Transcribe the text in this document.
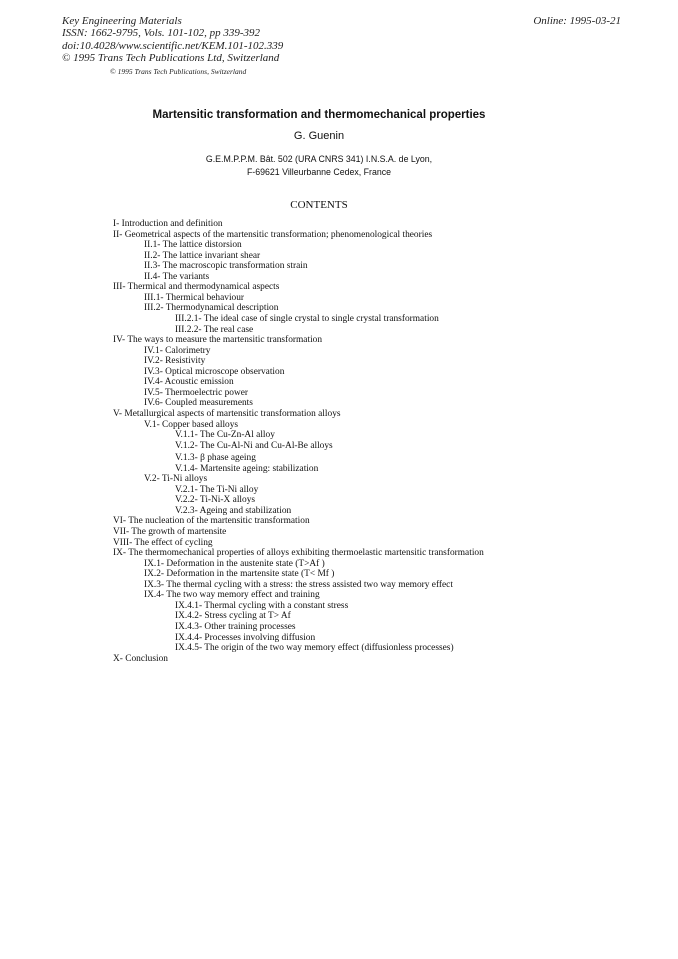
Key Engineering Materials
ISSN: 1662-9795, Vols. 101-102, pp 339-392
doi:10.4028/www.scientific.net/KEM.101-102.339
© 1995 Trans Tech Publications Ltd, Switzerland
Online: 1995-03-21
© 1995 Trans Tech Publications, Switzerland
Martensitic transformation and thermomechanical properties
G. Guenin
G.E.M.P.P.M. Bât. 502 (URA CNRS 341) I.N.S.A. de Lyon,
F-69621 Villeurbanne Cedex, France
CONTENTS
I- Introduction and definition
II- Geometrical aspects of the martensitic transformation; phenomenological theories
II.1- The lattice distorsion
II.2- The lattice invariant shear
II.3- The macroscopic transformation strain
II.4- The variants
III- Thermical and thermodynamical aspects
III.1- Thermical behaviour
III.2- Thermodynamical description
III.2.1- The ideal case of single crystal to single crystal transformation
III.2.2- The real case
IV- The ways to measure the martensitic transformation
IV.1- Calorimetry
IV.2- Resistivity
IV.3- Optical microscope observation
IV.4- Acoustic emission
IV.5- Thermoelectric power
IV.6- Coupled measurements
V- Metallurgical aspects of martensitic transformation alloys
V.1- Copper based alloys
V.1.1- The Cu-Zn-Al alloy
V.1.2- The Cu-Al-Ni and Cu-Al-Be alloys
V.1.3- β phase ageing
V.1.4- Martensite ageing: stabilization
V.2- Ti-Ni alloys
V.2.1- The Ti-Ni alloy
V.2.2- Ti-Ni-X alloys
V.2.3- Ageing and stabilization
VI- The nucleation of the martensitic transformation
VII- The growth of martensite
VIII- The effect of cycling
IX- The thermomechanical properties of alloys exhibiting thermoelastic martensitic transformation
IX.1- Deformation in the austenite state (T>Af )
IX.2- Deformation in the martensite state (T< Mf )
IX.3- The thermal cycling with a stress: the stress assisted two way memory effect
IX.4- The two way memory effect and training
IX.4.1- Thermal cycling with a constant stress
IX.4.2- Stress cycling at T> Af
IX.4.3- Other training processes
IX.4.4- Processes involving diffusion
IX.4.5- The origin of the two way memory effect (diffusionless processes)
X- Conclusion
